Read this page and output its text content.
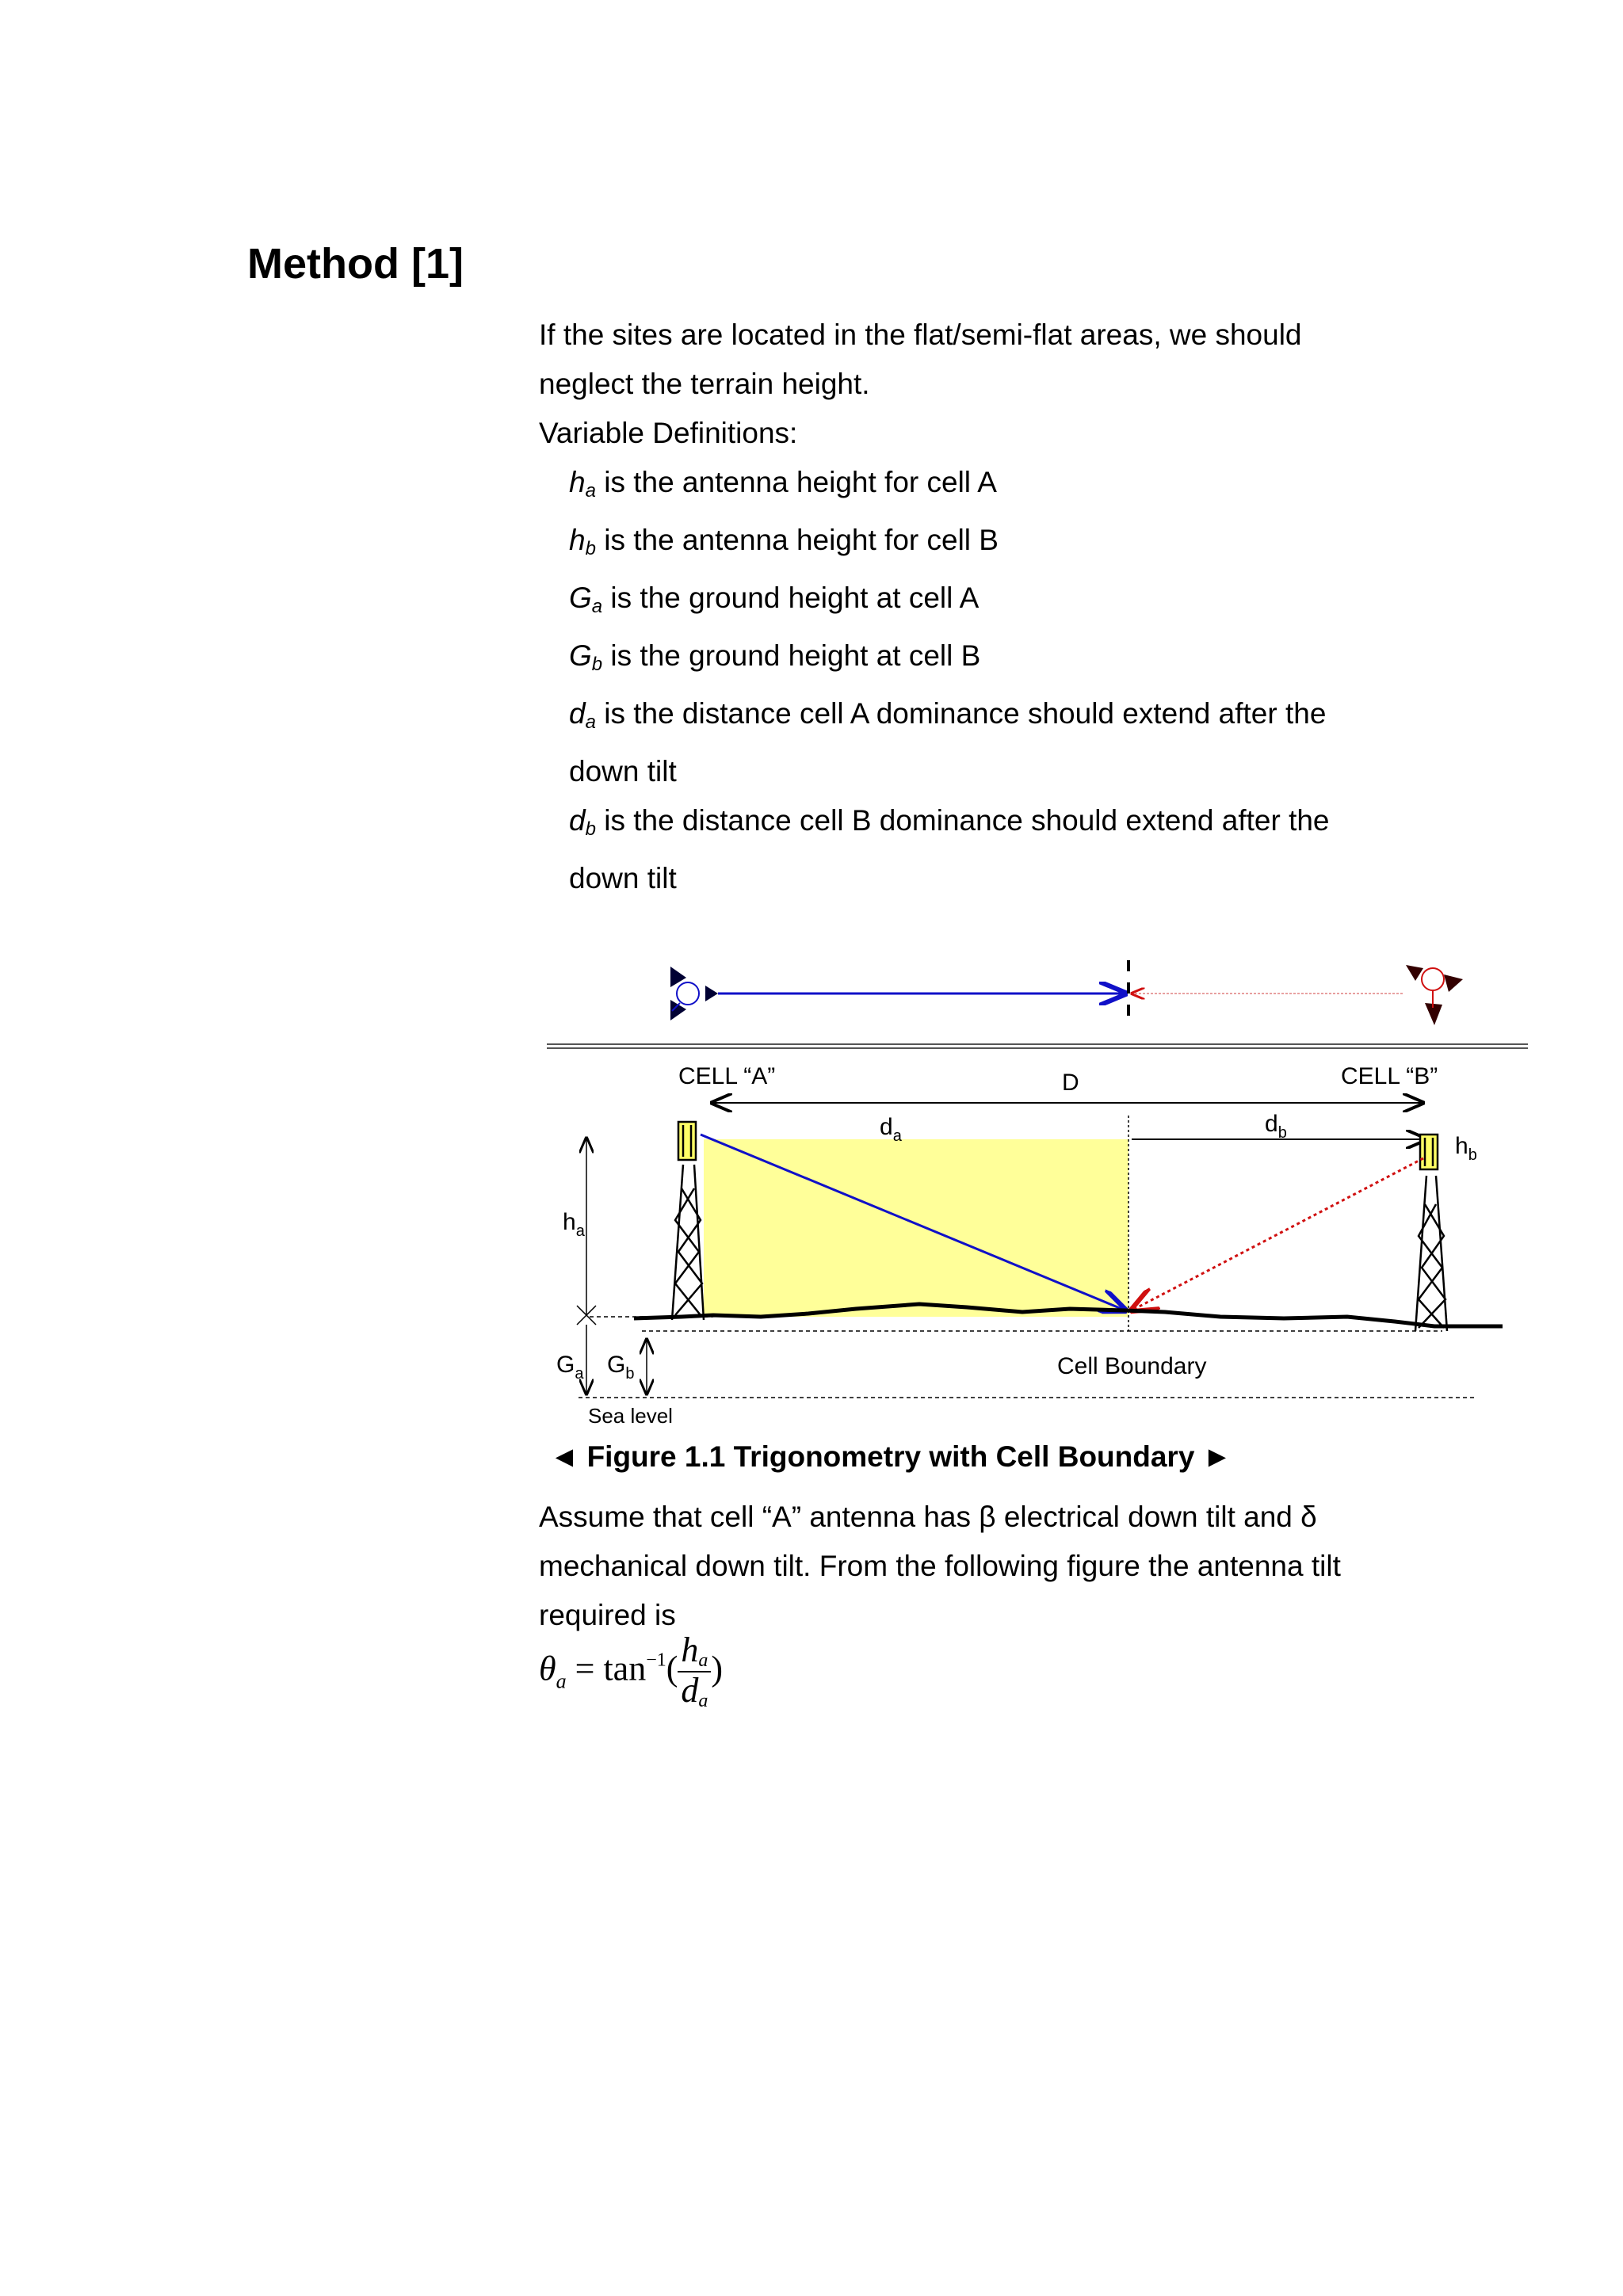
Method [1]
If the sites are located in the flat/semi-flat areas, we should neglect the terrain height.
Variable Definitions:
$h_a$ is the antenna height for cell A
$h_b$ is the antenna height for cell B
$G_a$ is the ground height at cell A
$G_b$ is the ground height at cell B
$d_a$ is the distance cell A dominance should extend after the
down tilt
$d_b$ is the distance cell B dominance should extend after the
down tilt
CELL “A”	CELL “B”
D
$d_a$	$d_b$	$h_b$
$h_a$
$G_a$ $G_b$	Cell Boundary
Sea level
◄ Figure 1.1 Trigonometry with Cell Boundary ►
Assume that cell “A” antenna has β electrical down tilt and δ
mechanical down tilt. From the following figure the antenna tilt
required is
$\theta_a = \tan^{-1}( \frac{ha}{da}$ )
